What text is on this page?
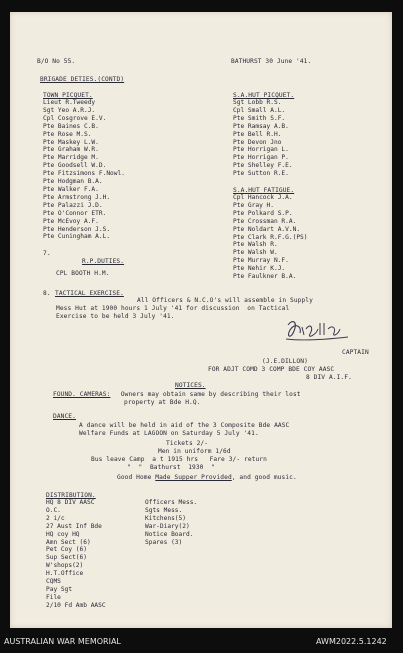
B/O No 55.	BATHURST 30 June '41.
BRIGADE DETIES.(CONTD)
TOWN PICQUET.
Lieut R.Tweedy
Sgt Yeo A.R.J.
Cpl Cosgrove E.V.
Pte Baines C.B.
Pte Rose M.S.
Pte Maskey L.W.
Pte Graham W.R.
Pte Marridge M.
Pte Goodsell W.D.
Pte Fitzsimons F.Nowl.
Pte Hodgman B.A.
Pte Walker F.A.
Pte Armstrong J.H.
Pte Palazzi J.D.
Pte O'Connor ETR.
Pte McEvoy A.F.
Pte Henderson J.S.
Pte Cuningham A.L.
S.A.HUT PICQUET.
Sgt Lobb R.S.
Cpl Small A.L.
Pte Smith S.F.
Pte Ramsay A.B.
Pte Bell R.H.
Pte Devon Jno
Pte Horrigan L.
Pte Horrigan P.
Pte Shelley F.E.
Pte Sutton R.E.
S.A.HUT FATIGUE.
Cpl Hancock J.A.
Pte Gray H.
Pte Polkard S.P.
Pte Crossman R.A.
Pte Noldart A.V.N.
Pte Clark R.F.G.(PS)
Pte Walsh R.
Pte Walsh W.
Pte Murray N.F.
Pte Nehir K.J.
Pte Faulkner B.A.
7.
R.P.DUTIES.
CPL BOOTH H.M.
8. TACTICAL EXERCISE.
All Officers & N.C.O's will assemble in Supply
Mess Hut at 1900 hours 1 July '41 for discussion  on Tactical
Exercise to be held 3 July '41.
CAPTAIN
(J.E.DILLON)
FOR ADJT COMD 3 COMP BDE COY AASC
8 DIV A.I.F.
NOTICES.
FOUND. CAMERAS: Owners may obtain same by describing their lost
property at Bde H.Q.
DANCE.
A dance will be held in aid of the 3 Composite Bde AASC
Welfare Funds at LAGOON on Saturday 5 July '41.
Tickets 2/-
Men in uniform 1/6d
Bus leave Camp  a t 1915 hrs   Fare 3/- return
"  "  Bathurst  1930  "
Good Home Made Supper Provided, and good music.
DISTRIBUTION.
HQ 8 DIV AASC
O.C.
2 i/c
27 Aust Inf Bde
HQ coy HQ
Amn Sect (6)
Pet Coy (6)
Sup Sect(6)
W'shops(2)
H.T.Office
CQMS
Pay Sgt
File
2/10 Fd Amb AASC
Officers Mess.
Sgts Mess.
Kitchens(5)
War-Diary(2)
Notice Board.
Spares (3)
AUSTRALIAN WAR MEMORIAL	AWM2022.5.1242
